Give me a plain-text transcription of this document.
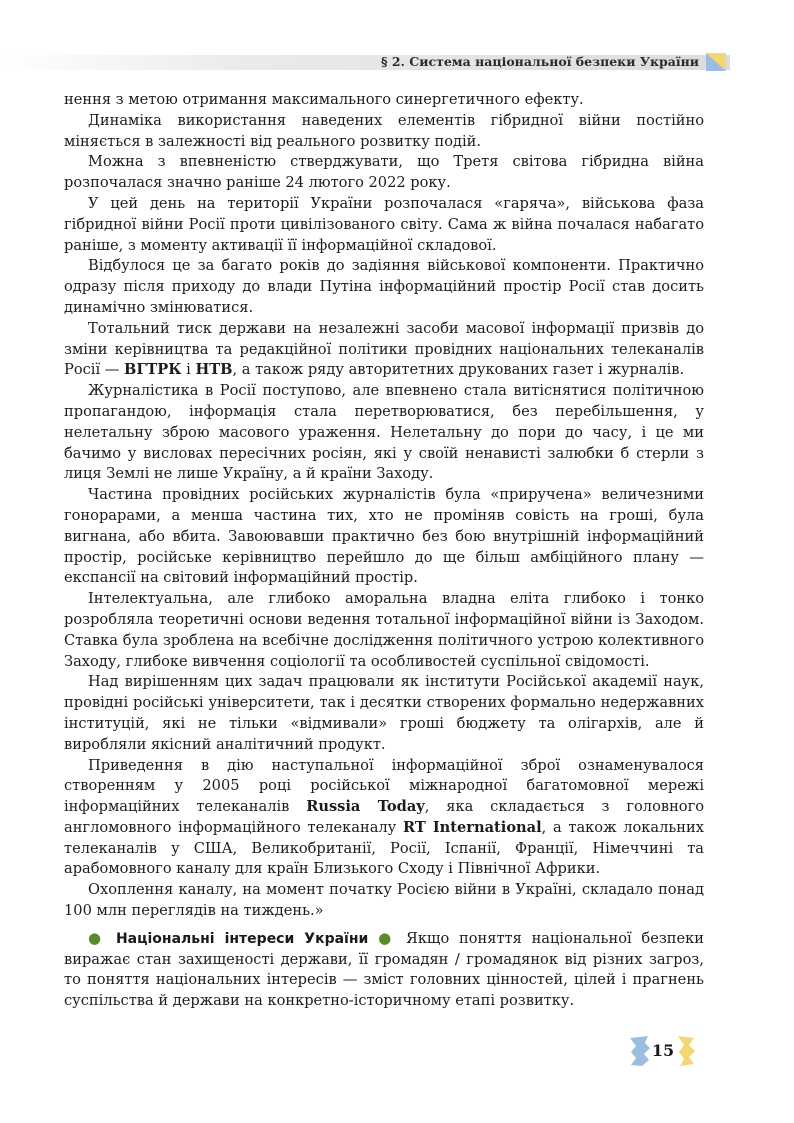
§ 2. Система національної безпеки України

нення з метою отримання максимального синергетичного ефекту.

Динаміка використання наведених елементів гібридної війни постійно міняється в залежності від реального розвитку подій.

Можна з впевненістю стверджувати, що Третя світова гібридна війна розпочалася значно раніше 24 лютого 2022 року.

У цей день на території України розпочалася «гаряча», військова фаза гібридної війни Росії проти цивілізованого світу. Сама ж війна почалася набагато раніше, з моменту активації її інформаційної складової.

Відбулося це за багато років до задіяння військової компоненти. Практично одразу після приходу до влади Путіна інформаційний простір Росії став досить динамічно змінюватися.

Тотальний тиск держави на незалежні засоби масової інформації призвів до зміни керівництва та редакційної політики провідних національних телеканалів Росії — ВГТРК і НТВ, а також ряду авторитетних друкованих газет і журналів.

Журналістика в Росії поступово, але впевнено стала витіснятися політичною пропагандою, інформація стала перетворюватися, без перебільшення, у нелетальну зброю масового ураження. Нелетальну до пори до часу, і це ми бачимо у висловах пересічних росіян, які у своїй ненависті залюбки б стерли з лиця Землі не лише Україну, а й країни Заходу.

Частина провідних російських журналістів була «приручена» величезними гонорарами, а менша частина тих, хто не проміняв совість на гроші, була вигнана, або вбита. Завоювавши практично без бою внутрішній інформаційний простір, російське керівництво перейшло до ще більш амбіційного плану — експансії на світовий інформаційний простір.

Інтелектуальна, але глибоко аморальна владна еліта глибоко і тонко розробляла теоретичні основи ведення тотальної інформаційної війни із Заходом. Ставка була зроблена на всебічне дослідження політичного устрою колективного Заходу, глибоке вивчення соціології та особливостей суспільної свідомості.

Над вирішенням цих задач працювали як інститути Російської академії наук, провідні російські університети, так і десятки створених формально недержавних інституцій, які не тільки «відмивали» гроші бюджету та олігархів, але й виробляли якісний аналітичний продукт.

Приведення в дію наступальної інформаційної зброї ознаменувалося створенням у 2005 році російської міжнародної багатомовної мережі інформаційних телеканалів Russia Today, яка складається з головного англомовного інформаційного телеканалу RT International, а також локальних телеканалів у США, Великобританії, Росії, Іспанії, Франції, Німеччині та арабомовного каналу для країн Близького Сходу і Північної Африки.

Охоплення каналу, на момент початку Росією війни в Україні, складало понад 100 млн переглядів на тиждень.»

● Національні інтереси України ● Якщо поняття національної безпеки виражає стан захищеності держави, її громадян / громадянок від різних загроз, то поняття національних інтересів — зміст головних цінностей, цілей і прагнень суспільства й держави на конкретно-історичному етапі розвитку.

15
